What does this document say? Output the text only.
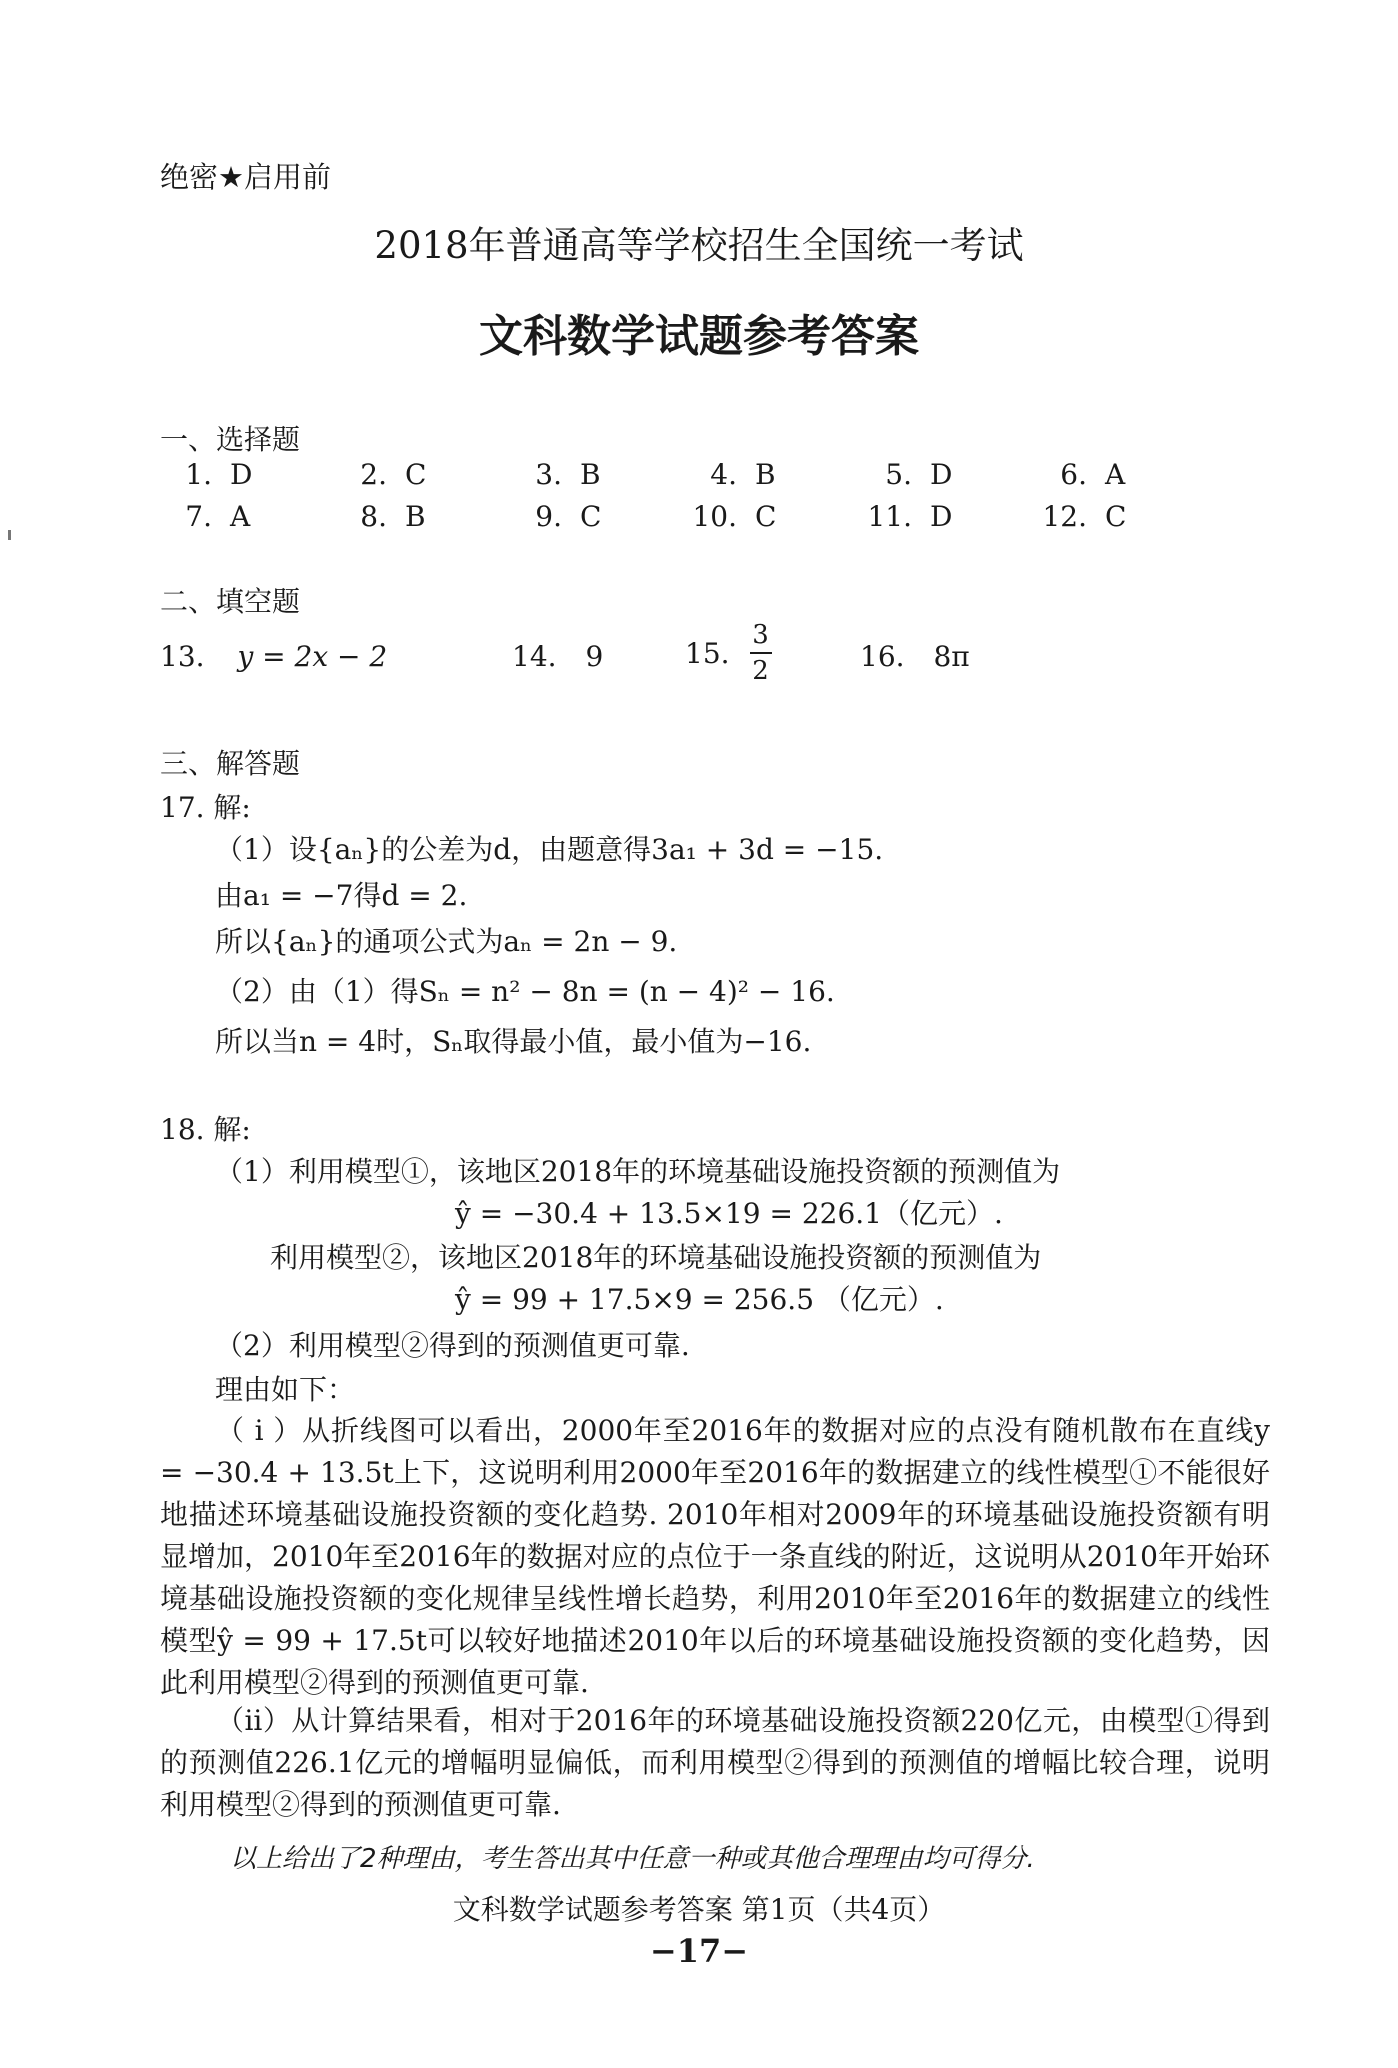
绝密★启用前
2018年普通高等学校招生全国统一考试
文科数学试题参考答案
一、选择题
1. D	2. C	3. B	4. B	5. D	6. A
7. A	8. B	9. C	10. C	11. D	12. C
二、填空题
13. y = 2x − 2	14. 9	15. $\frac{3}{2}$	16. 8π
三、解答题
17. 解:
（1）设{aₙ}的公差为d，由题意得3a₁ + 3d = −15.
由a₁ = −7得d = 2.
所以{aₙ}的通项公式为aₙ = 2n − 9.
（2）由（1）得Sₙ = n² − 8n = (n − 4)² − 16.
所以当n = 4时，Sₙ取得最小值，最小值为−16.
18. 解:
（1）利用模型①，该地区2018年的环境基础设施投资额的预测值为
ŷ = −30.4 + 13.5×19 = 226.1（亿元）.
利用模型②，该地区2018年的环境基础设施投资额的预测值为
ŷ = 99 + 17.5×9 = 256.5 （亿元）.
（2）利用模型②得到的预测值更可靠.
理由如下：
（ i ）从折线图可以看出，2000年至2016年的数据对应的点没有随机散布在直线y = −30.4 + 13.5t上下，这说明利用2000年至2016年的数据建立的线性模型①不能很好地描述环境基础设施投资额的变化趋势. 2010年相对2009年的环境基础设施投资额有明显增加，2010年至2016年的数据对应的点位于一条直线的附近，这说明从2010年开始环境基础设施投资额的变化规律呈线性增长趋势，利用2010年至2016年的数据建立的线性模型ŷ = 99 + 17.5t可以较好地描述2010年以后的环境基础设施投资额的变化趋势，因此利用模型②得到的预测值更可靠.
（ii）从计算结果看，相对于2016年的环境基础设施投资额220亿元，由模型①得到的预测值226.1亿元的增幅明显偏低，而利用模型②得到的预测值的增幅比较合理，说明利用模型②得到的预测值更可靠.
以上给出了2种理由，考生答出其中任意一种或其他合理理由均可得分.
文科数学试题参考答案 第1页（共4页）
−17−
